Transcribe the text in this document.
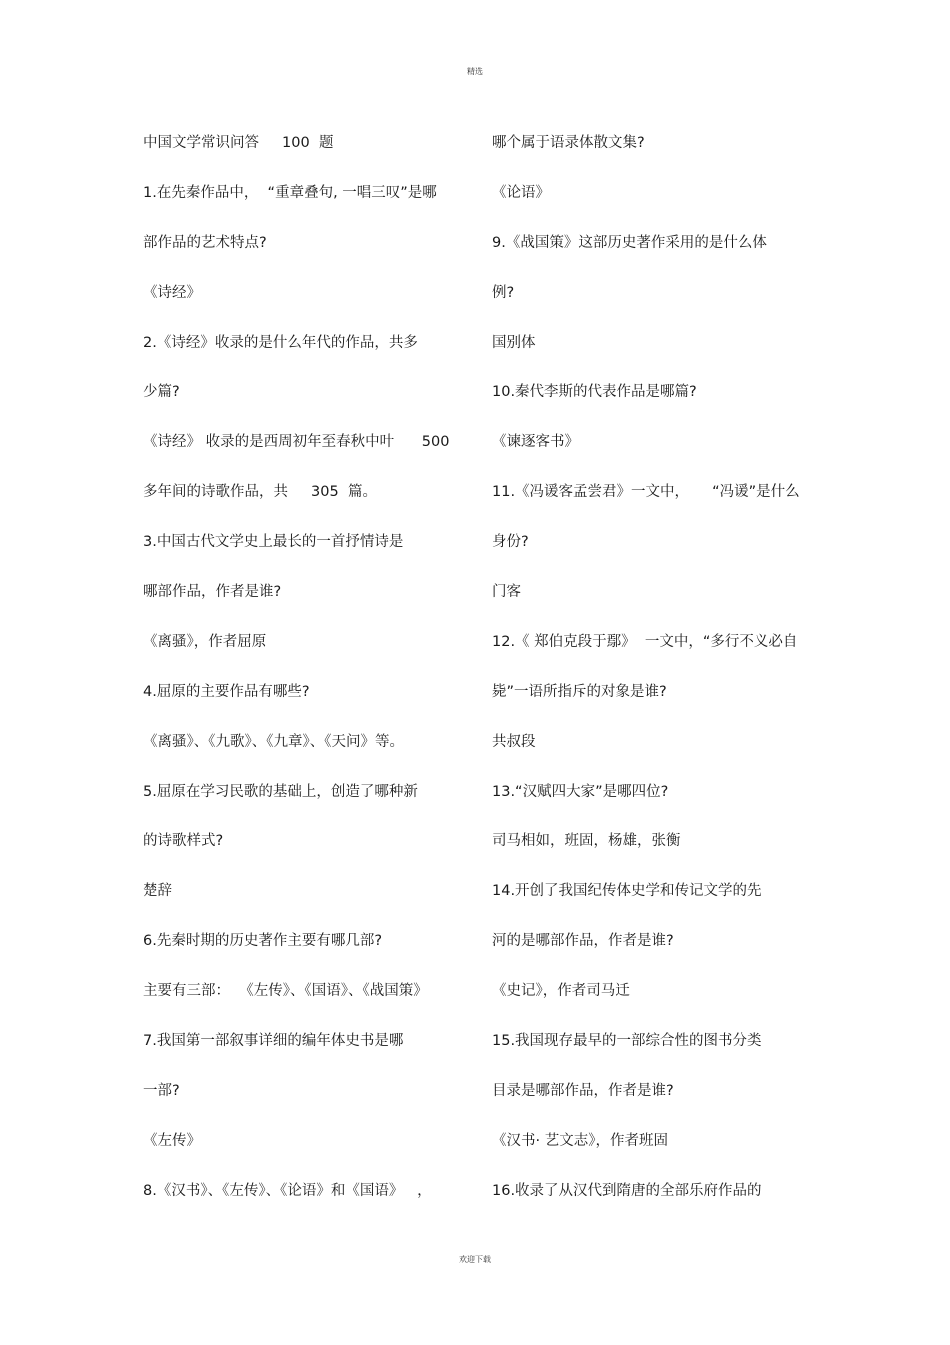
精选
中国文学常识问答     100  题
1.在先秦作品中，  “重章叠句, 一唱三叹”是哪
部作品的艺术特点?
《诗经》
2.《诗经》收录的是什么年代的作品，共多
少篇?
《诗经》 收录的是西周初年至春秋中叶      500
多年间的诗歌作品，共     305  篇。
3.中国古代文学史上最长的一首抒情诗是
哪部作品，作者是谁?
《离骚》，作者屈原
4.屈原的主要作品有哪些?
《离骚》、《九歌》、《九章》、《天问》等。
5.屈原在学习民歌的基础上，创造了哪种新
的诗歌样式?
楚辞
6.先秦时期的历史著作主要有哪几部?
主要有三部：  《左传》、《国语》、《战国策》
7.我国第一部叙事详细的编年体史书是哪
一部?
《左传》
8.《汉书》、《左传》、《论语》和《国语》   ，
哪个属于语录体散文集?
《论语》
9.《战国策》这部历史著作采用的是什么体
例?
国别体
10.秦代李斯的代表作品是哪篇?
《谏逐客书》
11.《冯谖客孟尝君》一文中，     “冯谖”是什么
身份?
门客
12.《 郑伯克段于鄢》  一文中，“多行不义必自
毙”一语所指斥的对象是谁?
共叔段
13.“汉赋四大家”是哪四位?
司马相如，班固，杨雄，张衡
14.开创了我国纪传体史学和传记文学的先
河的是哪部作品，作者是谁?
《史记》，作者司马迁
15.我国现存最早的一部综合性的图书分类
目录是哪部作品，作者是谁?
《汉书· 艺文志》，作者班固
16.收录了从汉代到隋唐的全部乐府作品的
欢迎下载
